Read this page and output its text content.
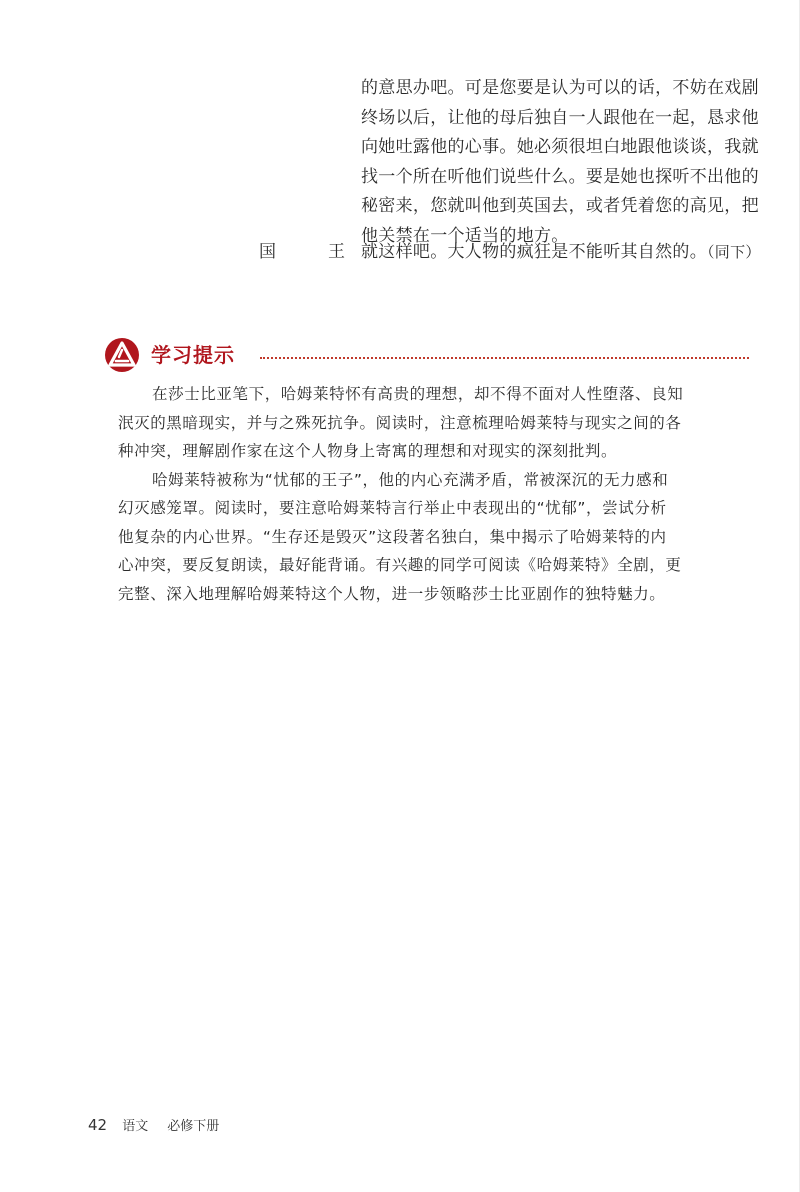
的意思办吧。可是您要是认为可以的话，不妨在戏剧
终场以后，让他的母后独自一人跟他在一起，恳求他
向她吐露他的心事。她必须很坦白地跟他谈谈，我就
找一个所在听他们说些什么。要是她也探听不出他的
秘密来，您就叫他到英国去，或者凭着您的高见，把
他关禁在一个适当的地方。
国王
就这样吧。大人物的疯狂是不能听其自然的。（同下）
学习提示
在莎士比亚笔下，哈姆莱特怀有高贵的理想，却不得不面对人性堕落、良知
泯灭的黑暗现实，并与之殊死抗争。阅读时，注意梳理哈姆莱特与现实之间的各
种冲突，理解剧作家在这个人物身上寄寓的理想和对现实的深刻批判。
哈姆莱特被称为“忧郁的王子”，他的内心充满矛盾，常被深沉的无力感和
幻灭感笼罩。阅读时，要注意哈姆莱特言行举止中表现出的“忧郁”，尝试分析
他复杂的内心世界。“生存还是毁灭”这段著名独白，集中揭示了哈姆莱特的内
心冲突，要反复朗读，最好能背诵。有兴趣的同学可阅读《哈姆莱特》全剧，更
完整、深入地理解哈姆莱特这个人物，进一步领略莎士比亚剧作的独特魅力。
42 语文 必修下册
